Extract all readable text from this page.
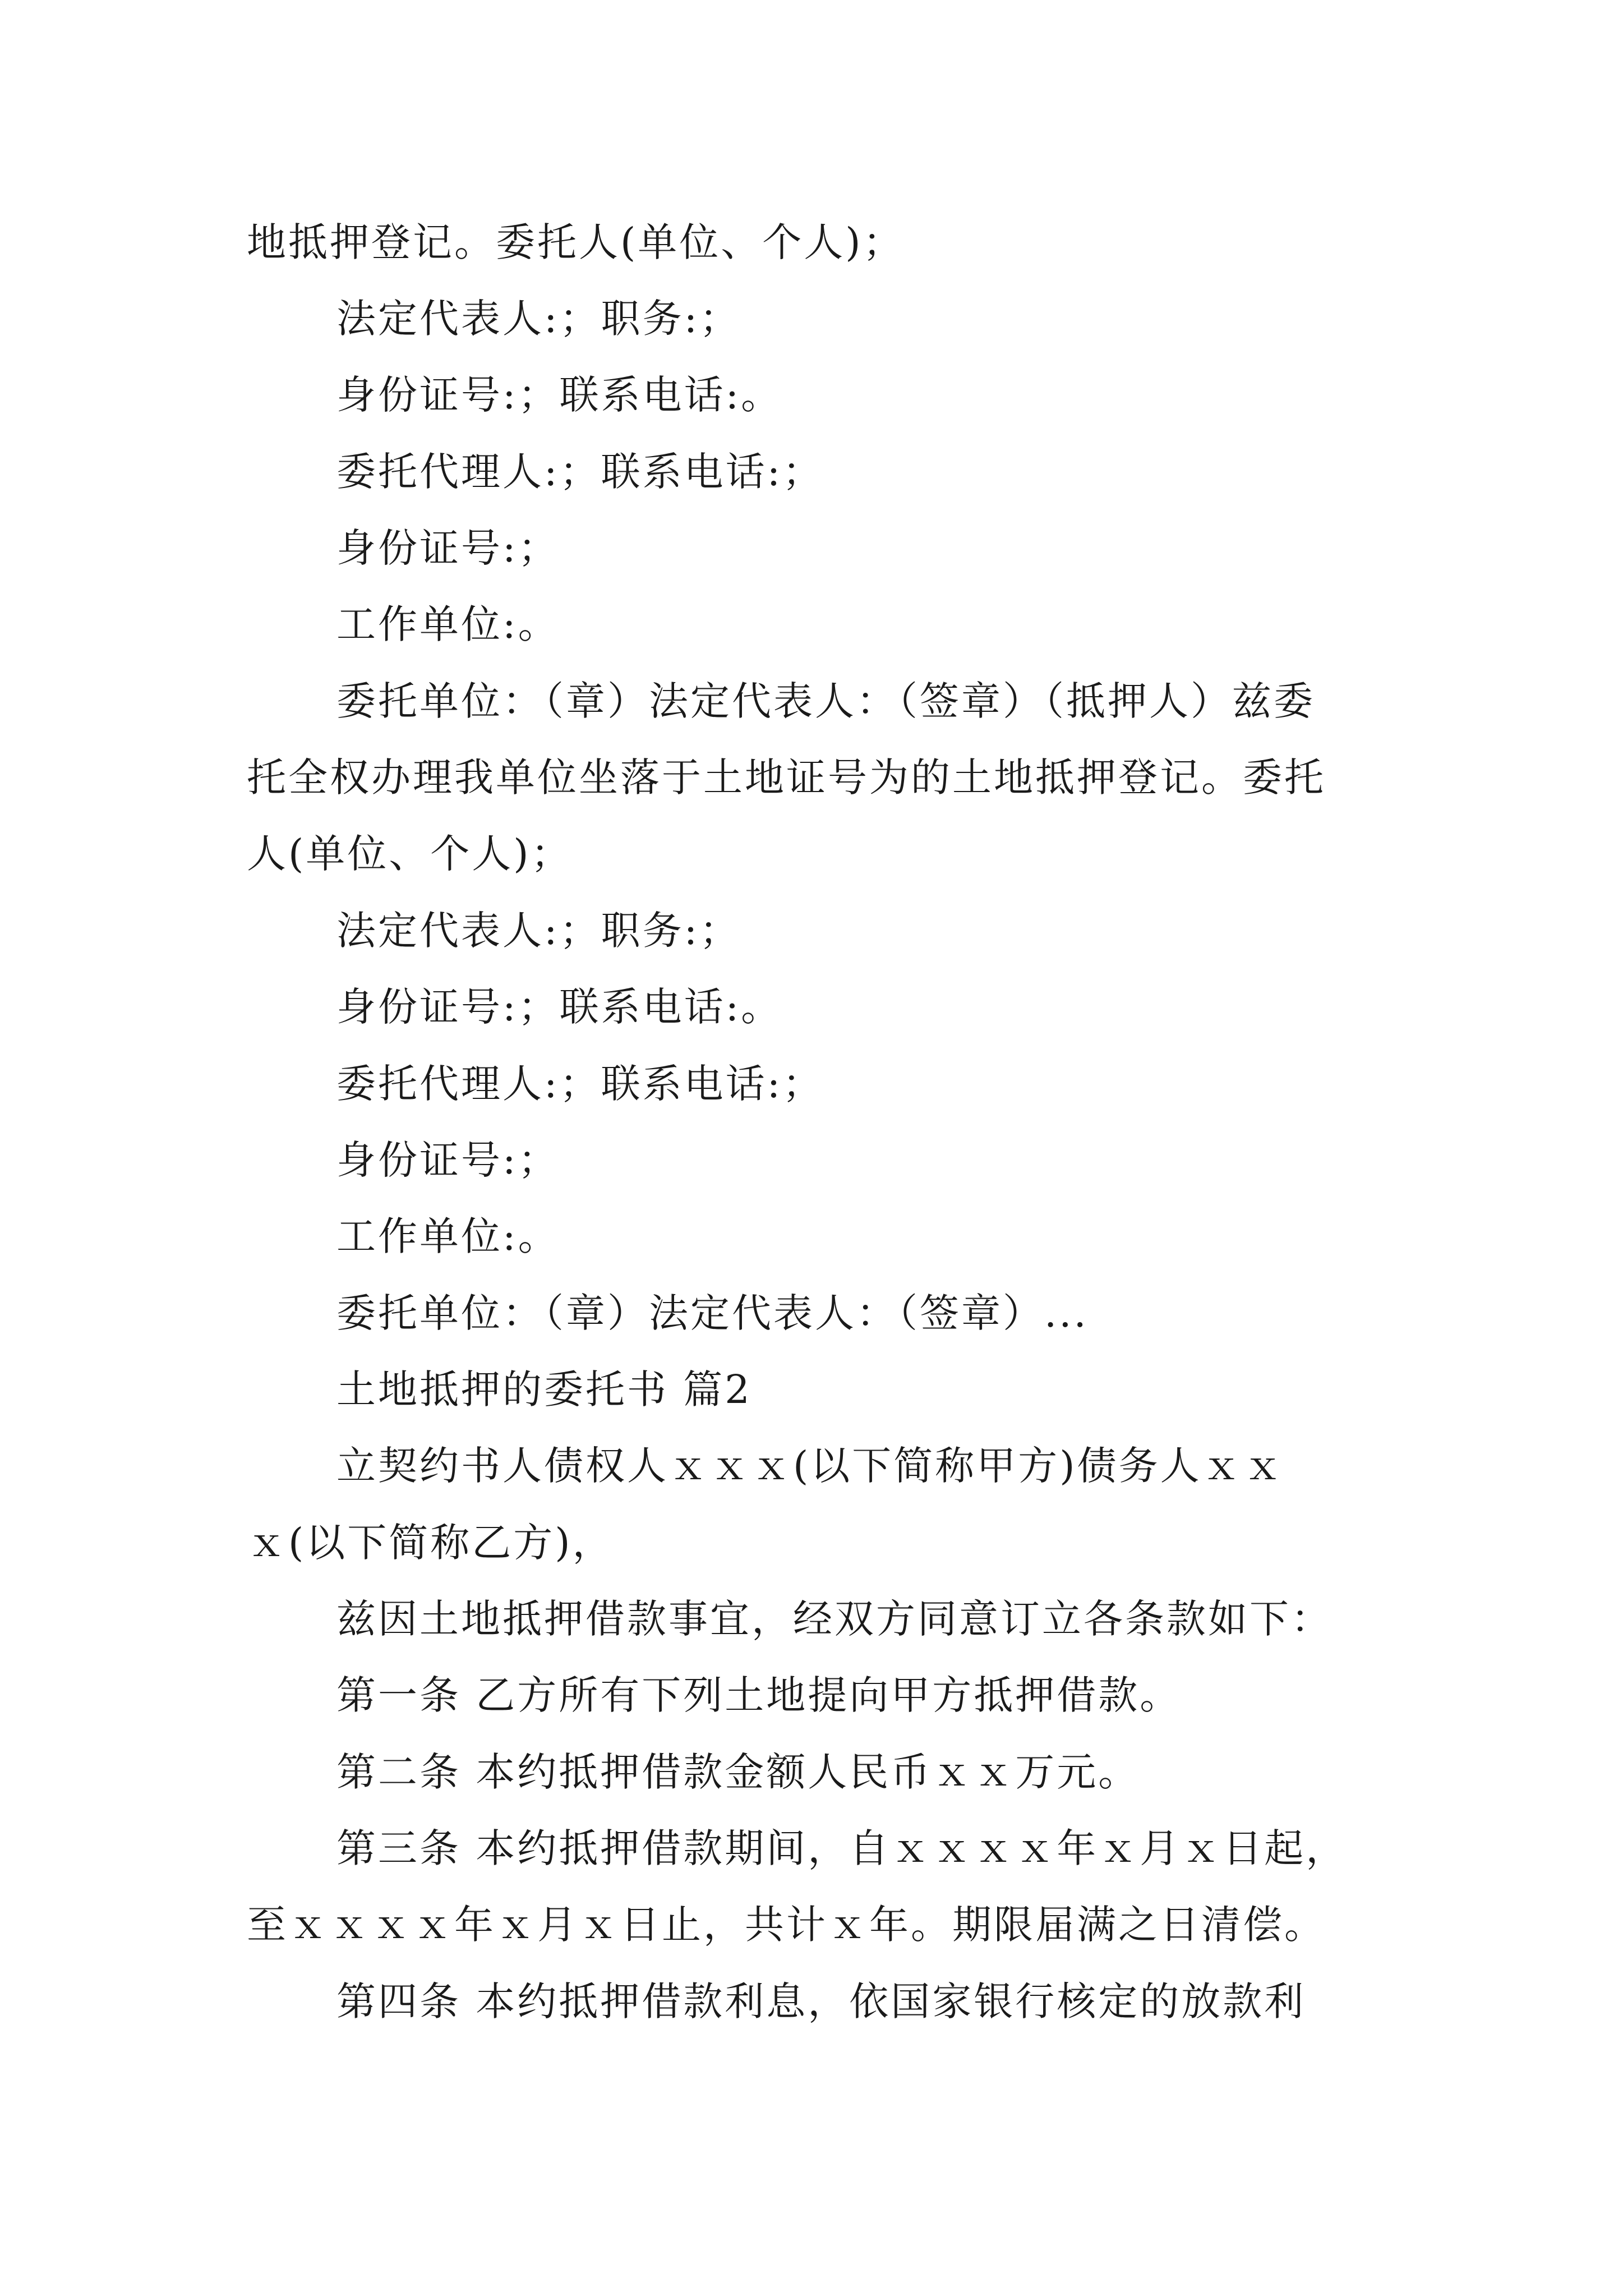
地抵押登记。委托人(单位、个人)；
法定代表人:；职务:；
身份证号:；联系电话:。
委托代理人:；联系电话:；
身份证号:；
工作单位:。
委托单位：（章）法定代表人：（签章）（抵押人）兹委
托全权办理我单位坐落于土地证号为的土地抵押登记。委托
人(单位、个人)；
法定代表人:；职务:；
身份证号:；联系电话:。
委托代理人:；联系电话:；
身份证号:；
工作单位:。
委托单位：（章）法定代表人：（签章）...
土地抵押的委托书 篇2
立契约书人债权人ｘｘｘ(以下简称甲方)债务人ｘｘ
ｘ(以下简称乙方)，
兹因土地抵押借款事宜，经双方同意订立各条款如下：
第一条 乙方所有下列土地提向甲方抵押借款。
第二条 本约抵押借款金额人民币ｘｘ万元。
第三条 本约抵押借款期间，自ｘｘｘｘ年ｘ月ｘ日起，
至ｘｘｘｘ年ｘ月ｘ日止，共计ｘ年。期限届满之日清偿。
第四条 本约抵押借款利息，依国家银行核定的放款利
